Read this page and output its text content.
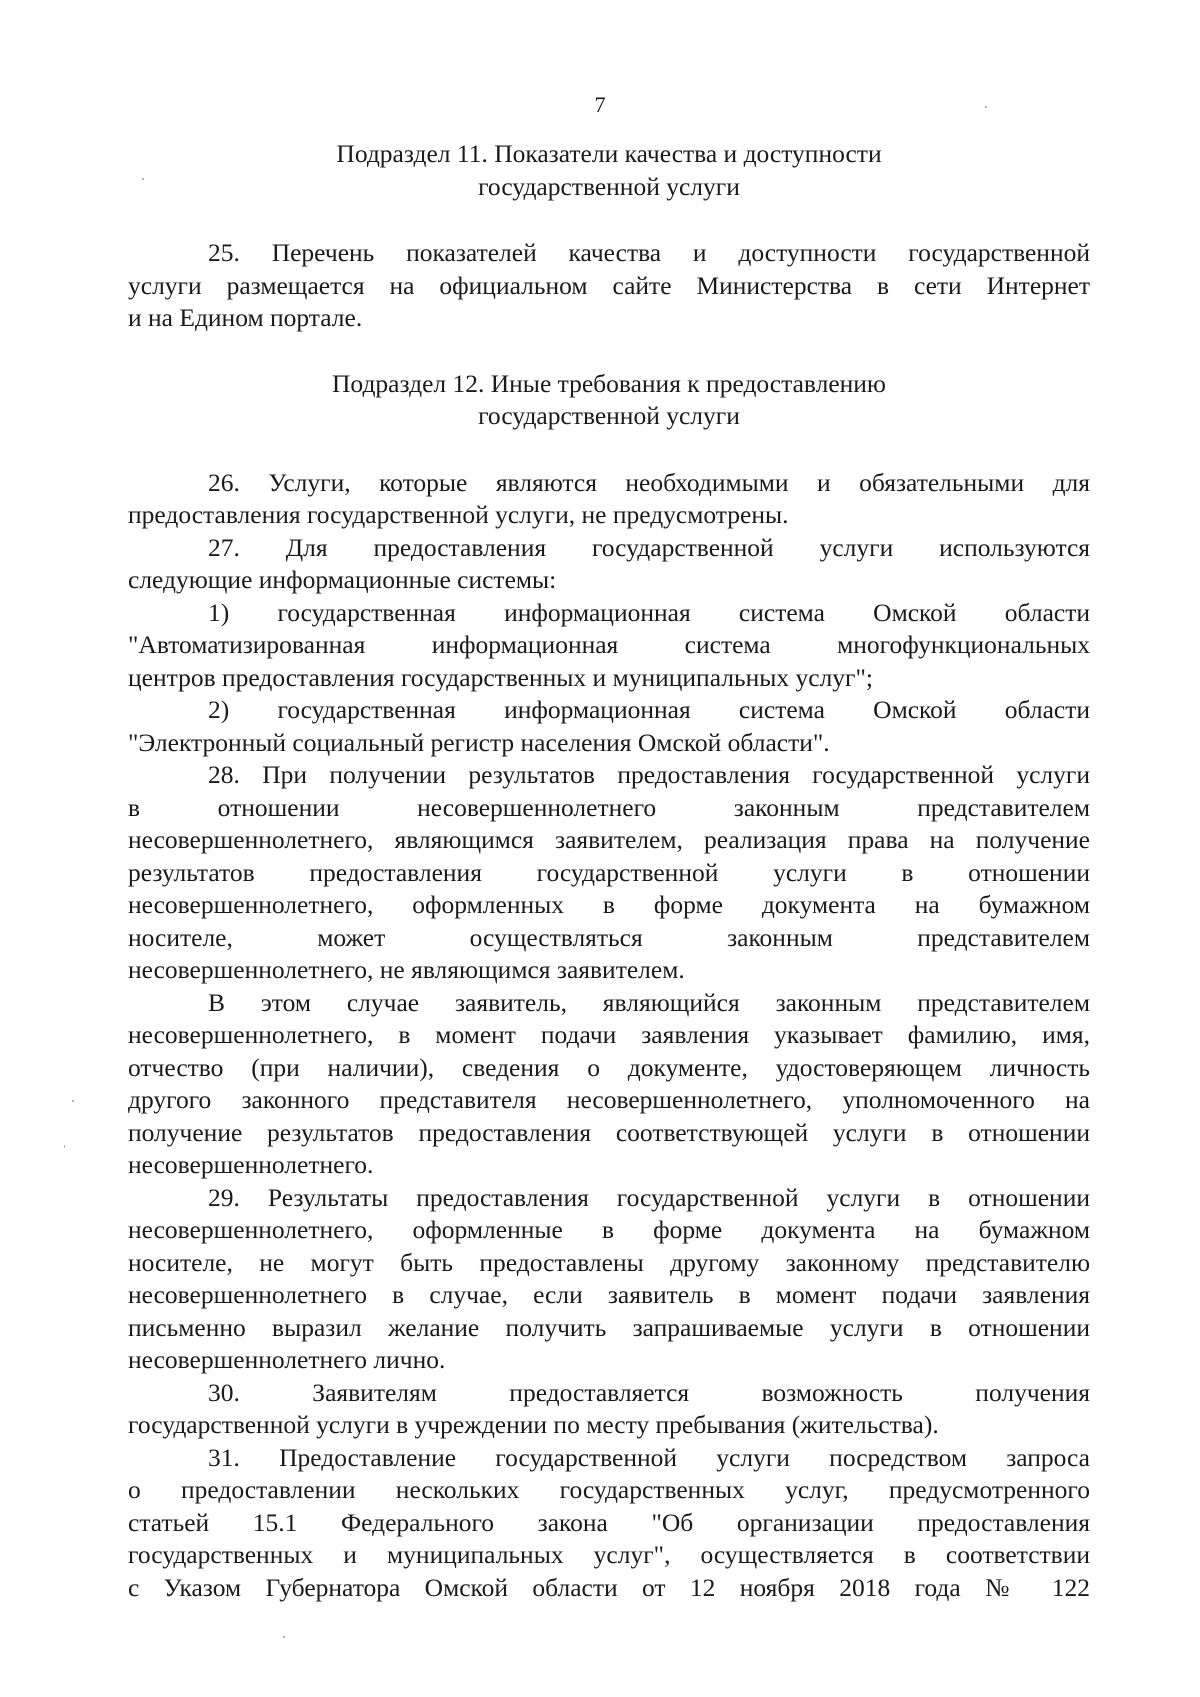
7
Подраздел 11. Показатели качества и доступности
государственной услуги
25. Перечень показателей качества и доступности государственной
услуги размещается на официальном сайте Министерства в сети Интернет
и на Едином портале.
Подраздел 12. Иные требования к предоставлению
государственной услуги
26. Услуги, которые являются необходимыми и обязательными для
предоставления государственной услуги, не предусмотрены.
27. Для предоставления государственной услуги используются
следующие информационные системы:
1) государственная информационная система Омской области
"Автоматизированная информационная система многофункциональных
центров предоставления государственных и муниципальных услуг";
2) государственная информационная система Омской области
"Электронный социальный регистр населения Омской области".
28. При получении результатов предоставления государственной услуги
в отношении несовершеннолетнего законным представителем
несовершеннолетнего, являющимся заявителем, реализация права на получение
результатов предоставления государственной услуги в отношении
несовершеннолетнего, оформленных в форме документа на бумажном
носителе, может осуществляться законным представителем
несовершеннолетнего, не являющимся заявителем.
В этом случае заявитель, являющийся законным представителем
несовершеннолетнего, в момент подачи заявления указывает фамилию, имя,
отчество (при наличии), сведения о документе, удостоверяющем личность
другого законного представителя несовершеннолетнего, уполномоченного на
получение результатов предоставления соответствующей услуги в отношении
несовершеннолетнего.
29. Результаты предоставления государственной услуги в отношении
несовершеннолетнего, оформленные в форме документа на бумажном
носителе, не могут быть предоставлены другому законному представителю
несовершеннолетнего в случае, если заявитель в момент подачи заявления
письменно выразил желание получить запрашиваемые услуги в отношении
несовершеннолетнего лично.
30. Заявителям предоставляется возможность получения
государственной услуги в учреждении по месту пребывания (жительства).
31. Предоставление государственной услуги посредством запроса
о предоставлении нескольких государственных услуг, предусмотренного
статьей 15.1 Федерального закона "Об организации предоставления
государственных и муниципальных услуг", осуществляется в соответствии
с Указом Губернатора Омской области от 12 ноября 2018 года № 122
